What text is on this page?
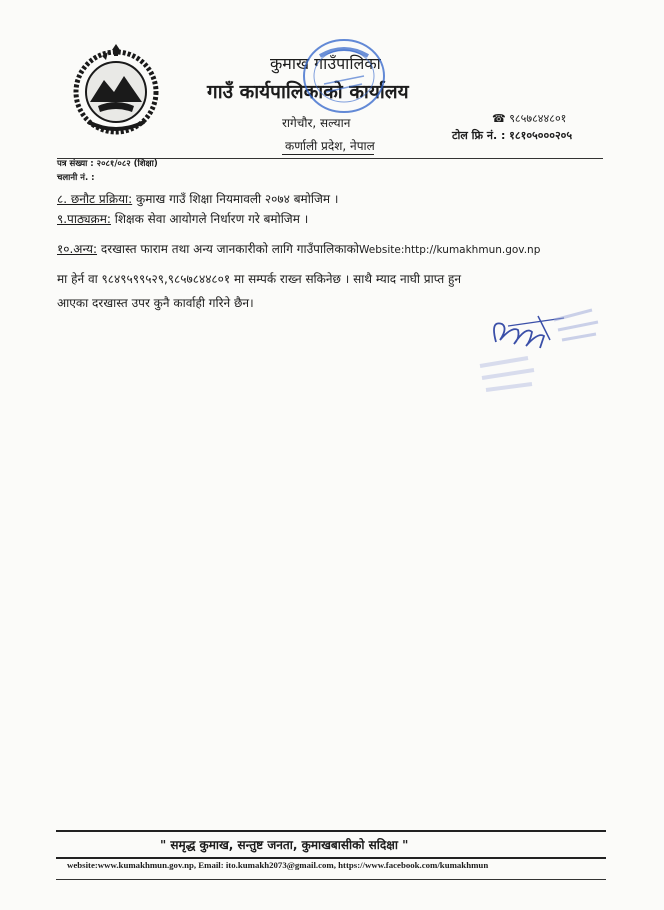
कुमाख गाउँपालिका
गाउँ कार्यपालिकाको कार्यालय
रागेचौर, सल्यान
कर्णाली प्रदेश, नेपाल
☎ ९८५७८४४८०१
टोल फ्रि नं. : १८१०५०००२०५
पत्र संख्या : २०८१/०८२ (शिक्षा)
चलानी नं. :
८. छनौट प्रक्रिया: कुमाख गाउँ शिक्षा नियमावली २०७४ बमोजिम ।
९.पाठ्यक्रम: शिक्षक सेवा आयोगले निर्धारण गरे बमोजिम ।
१०.अन्य: दरखास्त फाराम तथा अन्य जानकारीको लागि गाउँपालिकाकोWebsite:http://kumakhmun.gov.np
मा हेर्न वा ९८४९५९९५२९,९८५७८४४८०१ मा सम्पर्क राख्न सकिनेछ । साथै म्याद नाघी प्राप्त हुन
आएका दरखास्त उपर कुनै कार्वाही गरिने छैन।
" समृद्ध कुमाख, सन्तुष्ट जनता, कुमाखबासीको सदिक्षा "
website:www.kumakhmun.gov.np, Email: ito.kumakh2073@gmail.com, https://www.facebook.com/kumakhmun
